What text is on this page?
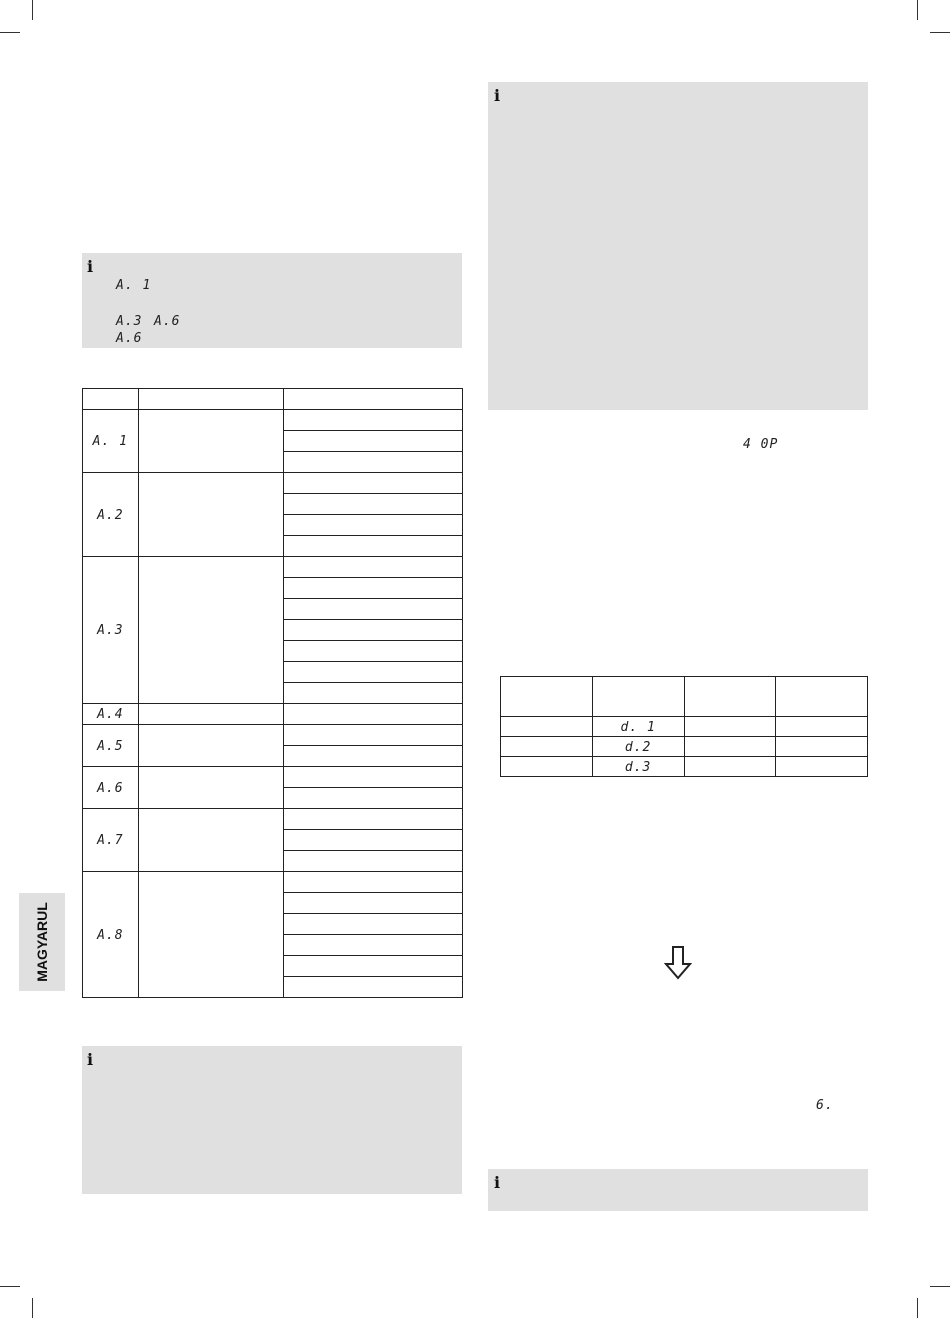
i
A. 1
A.3 A.6
A.6

A. 1		

A.2		

A.3		

A.4		
A.5		

A.6		

A.7		

A.8		

i
MAGYARUL
i
4 0P

	d. 1		
	d.2		
	d.3		
6.
i
